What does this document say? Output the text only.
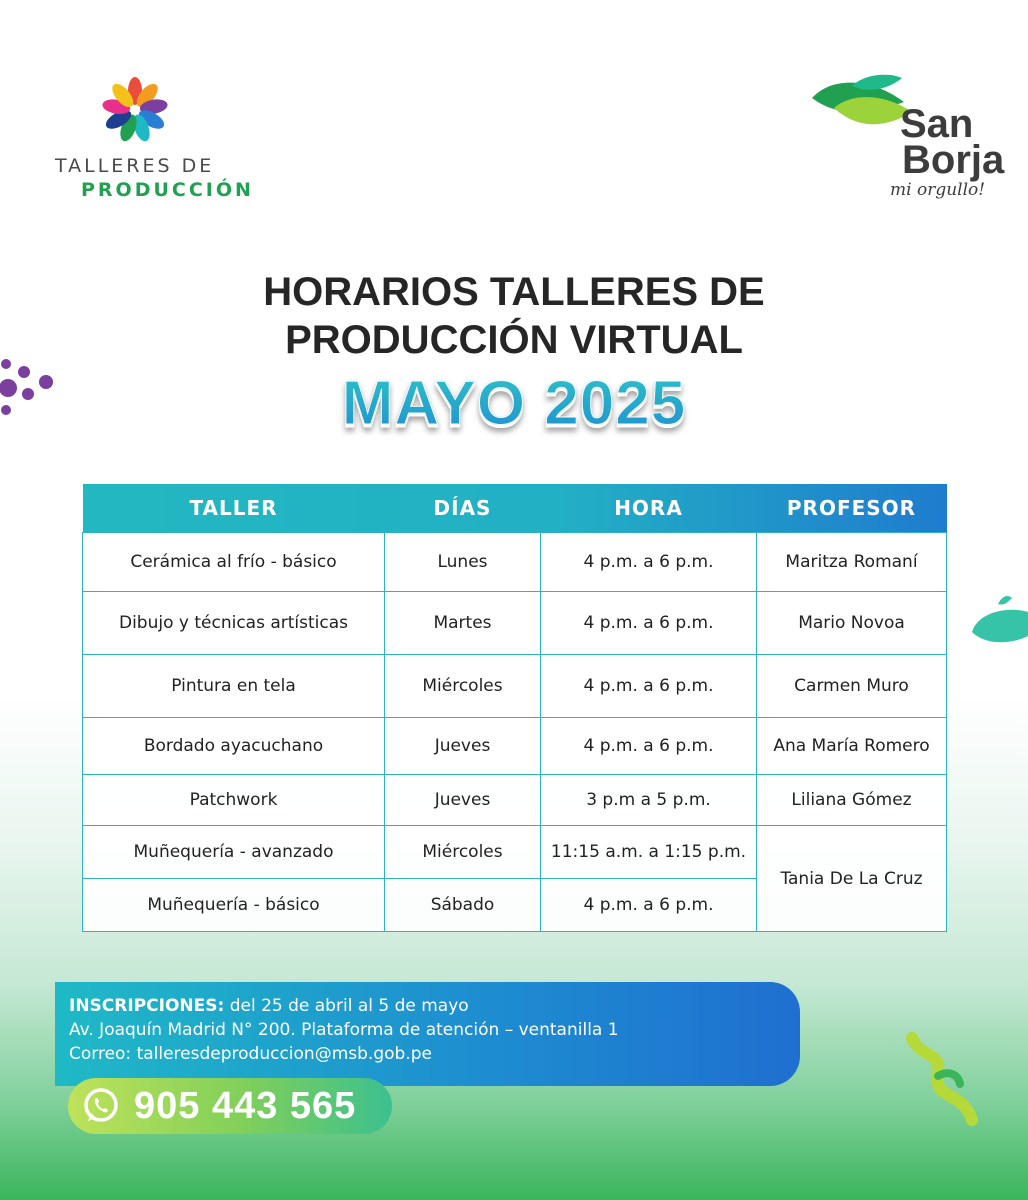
TALLERES DE
PRODUCCIÓN
San
Borja
mi orgullo!
HORARIOS TALLERES DE
PRODUCCIÓN VIRTUAL
MAYO 2025
TALLER	DÍAS	HORA	PROFESOR
Cerámica al frío - básico	Lunes	4 p.m. a 6 p.m.	Maritza Romaní
Dibujo y técnicas artísticas	Martes	4 p.m. a 6 p.m.	Mario Novoa
Pintura en tela	Miércoles	4 p.m. a 6 p.m.	Carmen Muro
Bordado ayacuchano	Jueves	4 p.m. a 6 p.m.	Ana María Romero
Patchwork	Jueves	3 p.m a 5 p.m.	Liliana Gómez
Muñequería - avanzado	Miércoles	11:15 a.m. a 1:15 p.m.	Tania De La Cruz
Muñequería - básico	Sábado	4 p.m. a 6 p.m.	
INSCRIPCIONES: del 25 de abril al 5 de mayo
Av. Joaquín Madrid N° 200. Plataforma de atención – ventanilla 1
Correo: talleresdeproduccion@msb.gob.pe
905 443 565
